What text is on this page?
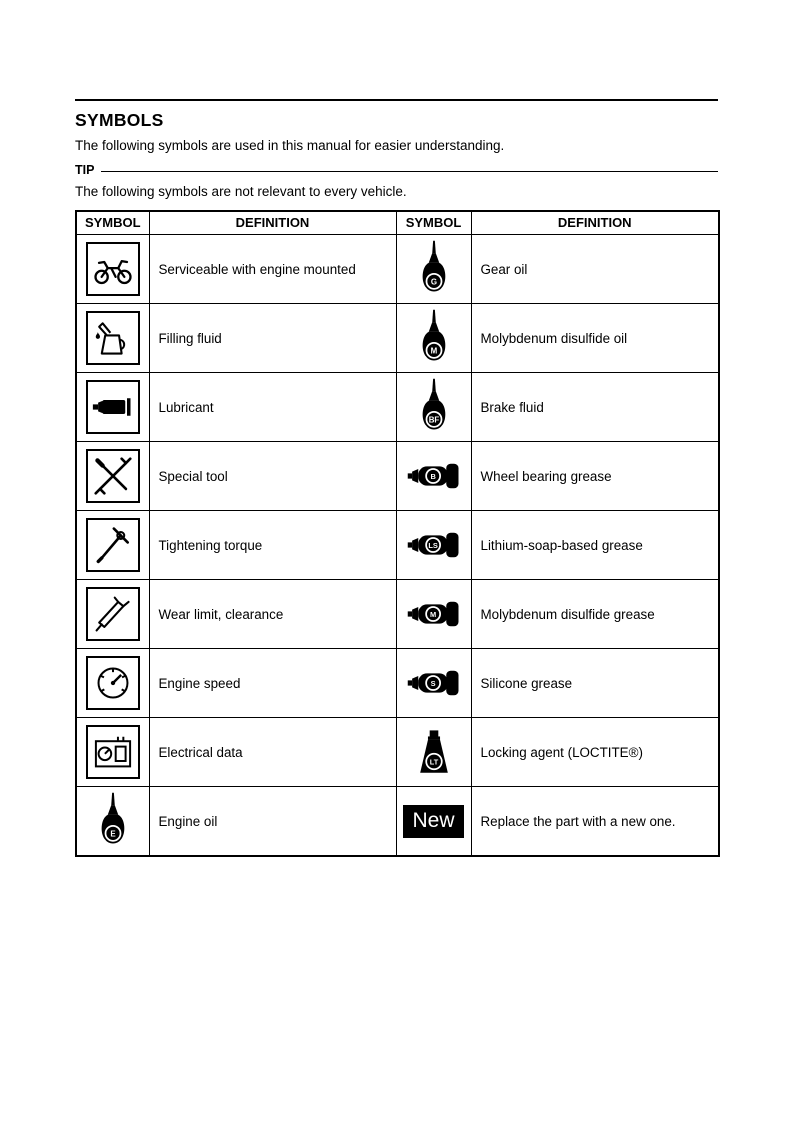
SYMBOLS

The following symbols are used in this manual for easier understanding.

TIP

The following symbols are not relevant to every vehicle.

SYMBOL	DEFINITION	SYMBOL	DEFINITION

	Serviceable with engine mounted	G	Gear oil

	Filling fluid	M	Molybdenum disulfide oil

	Lubricant	BF	Brake fluid

	Special tool	B	Wheel bearing grease

	Tightening torque	LS	Lithium-soap-based grease

	Wear limit, clearance	M	Molybdenum disulfide grease

	Engine speed	S	Silicone grease

	Electrical data	LT	Locking agent (LOCTITE®)

E	Engine oil	New	Replace the part with a new one.
